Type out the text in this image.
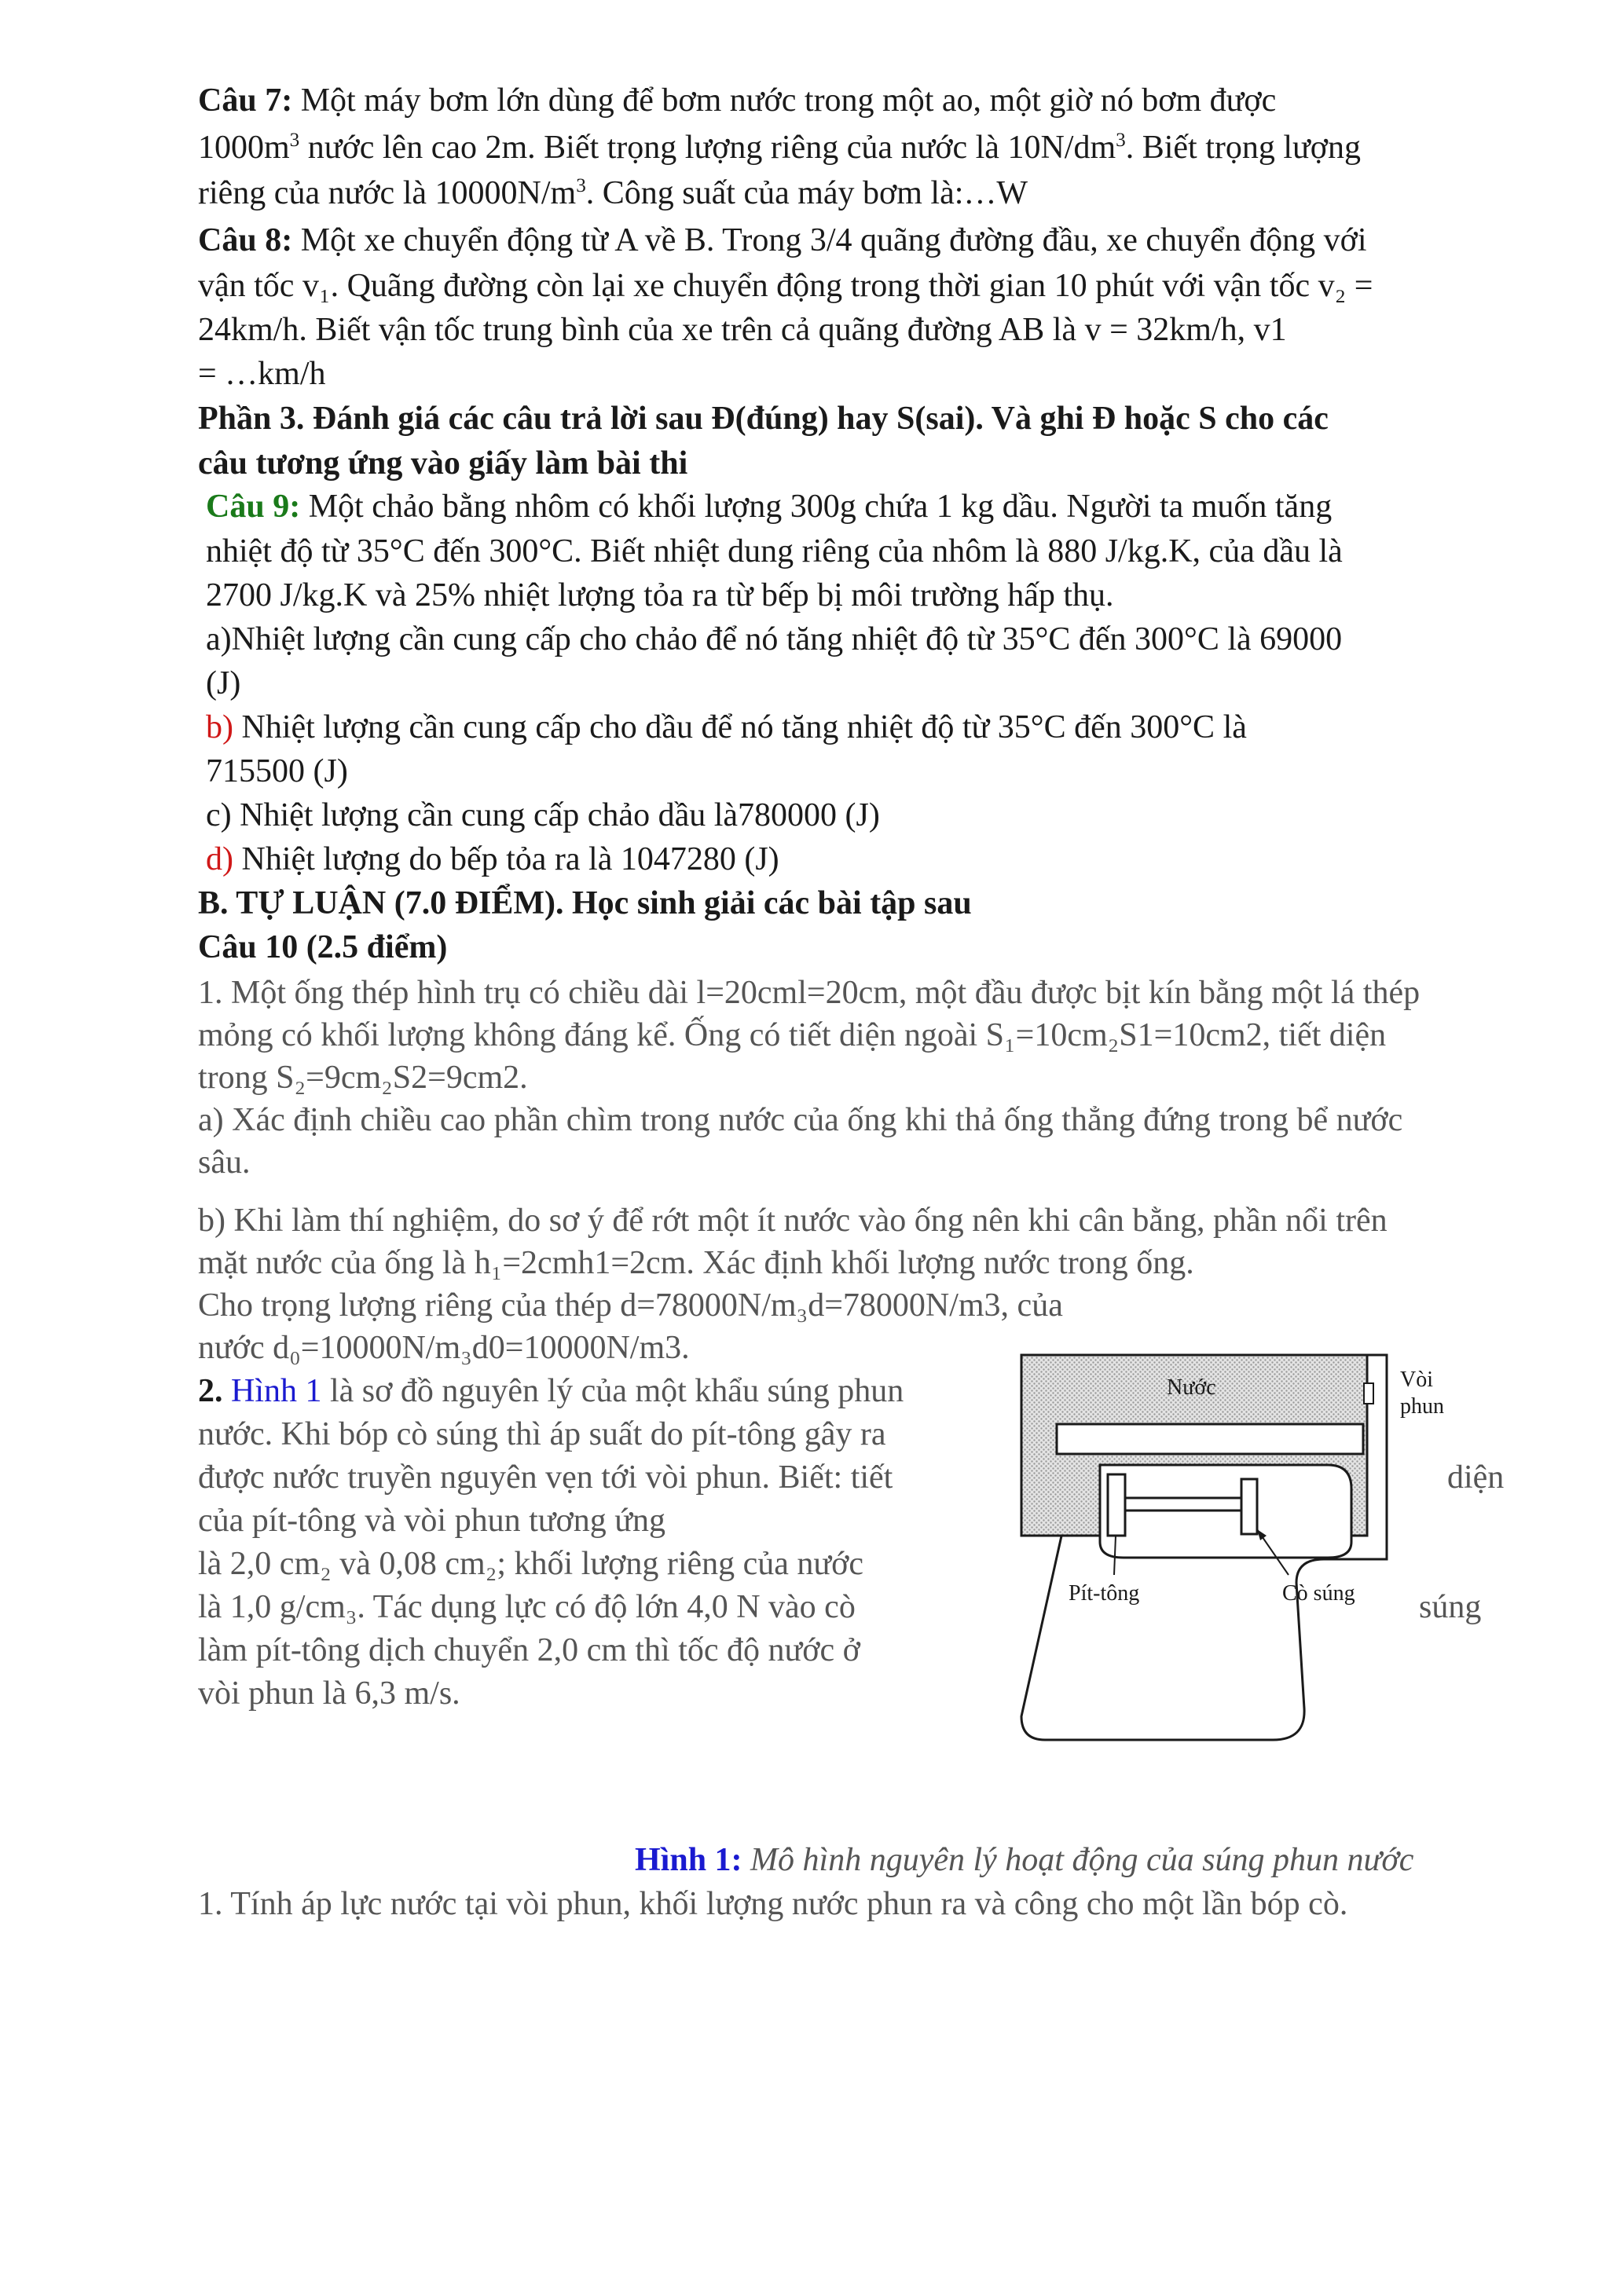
Câu 7: Một máy bơm lớn dùng để bơm nước trong một ao, một giờ nó bơm được
$1000m^3$ nước lên cao 2m. Biết trọng lượng riêng của nước là $10N/dm^3$. Biết trọng lượng
riêng của nước là $10000N/m^3$. Công suất của máy bơm là:…W
Câu 8: Một xe chuyển động từ A về B. Trong 3/4 quãng đường đầu, xe chuyển động với
vận tốc v₁. Quãng đường còn lại xe chuyển động trong thời gian 10 phút với vận tốc v₂ =
24km/h. Biết vận tốc trung bình của xe trên cả quãng đường AB là v = 32km/h, v1
= …km/h
Phần 3. Đánh giá các câu trả lời sau Đ(đúng) hay S(sai). Và ghi Đ hoặc S cho các
câu tương ứng vào giấy làm bài thi
Câu 9: Một chảo bằng nhôm có khối lượng 300g chứa 1 kg dầu. Người ta muốn tăng
nhiệt độ từ 35°C đến 300°C. Biết nhiệt dung riêng của nhôm là 880 J/kg.K, của dầu là
2700 J/kg.K và 25% nhiệt lượng tỏa ra từ bếp bị môi trường hấp thụ.
a)Nhiệt lượng cần cung cấp cho chảo để nó tăng nhiệt độ từ 35°C đến 300°C là 69000
(J)
b) Nhiệt lượng cần cung cấp cho dầu để nó tăng nhiệt độ từ 35°C đến 300°C là
715500 (J)
c) Nhiệt lượng cần cung cấp chảo dầu là780000 (J)
d) Nhiệt lượng do bếp tỏa ra là 1047280 (J)
B. TỰ LUẬN (7.0 ĐIỂM). Học sinh giải các bài tập sau
Câu 10 (2.5 điểm)
1. Một ống thép hình trụ có chiều dài l=20cml=20cm, một đầu được bịt kín bằng một lá thép
mỏng có khối lượng không đáng kể. Ống có tiết diện ngoài S₁=10cm₂S1=10cm2, tiết diện
trong S₂=9cm₂S2=9cm2.
a) Xác định chiều cao phần chìm trong nước của ống khi thả ống thẳng đứng trong bể nước
sâu.
b) Khi làm thí nghiệm, do sơ ý để rớt một ít nước vào ống nên khi cân bằng, phần nổi trên
mặt nước của ống là h₁=2cmh1=2cm. Xác định khối lượng nước trong ống.
Cho trọng lượng riêng của thép d=78000N/m₃d=78000N/m3, của
nước d₀=10000N/m₃d0=10000N/m3.
2. Hình 1 là sơ đồ nguyên lý của một khẩu súng phun
nước. Khi bóp cò súng thì áp suất do pít-tông gây ra
được nước truyền nguyên vẹn tới vòi phun. Biết: tiết	diện
của pít-tông và vòi phun tương ứng
là 2,0 cm₂ và 0,08 cm₂; khối lượng riêng của nước
là 1,0 g/cm₃. Tác dụng lực có độ lớn 4,0 N vào cò	súng
làm pít-tông dịch chuyển 2,0 cm thì tốc độ nước ở
vòi phun là 6,3 m/s.
Nước	Vòi
phun
Pít-tông	Cò súng
Hình 1: Mô hình nguyên lý hoạt động của súng phun nước
1. Tính áp lực nước tại vòi phun, khối lượng nước phun ra và công cho một lần bóp cò.
